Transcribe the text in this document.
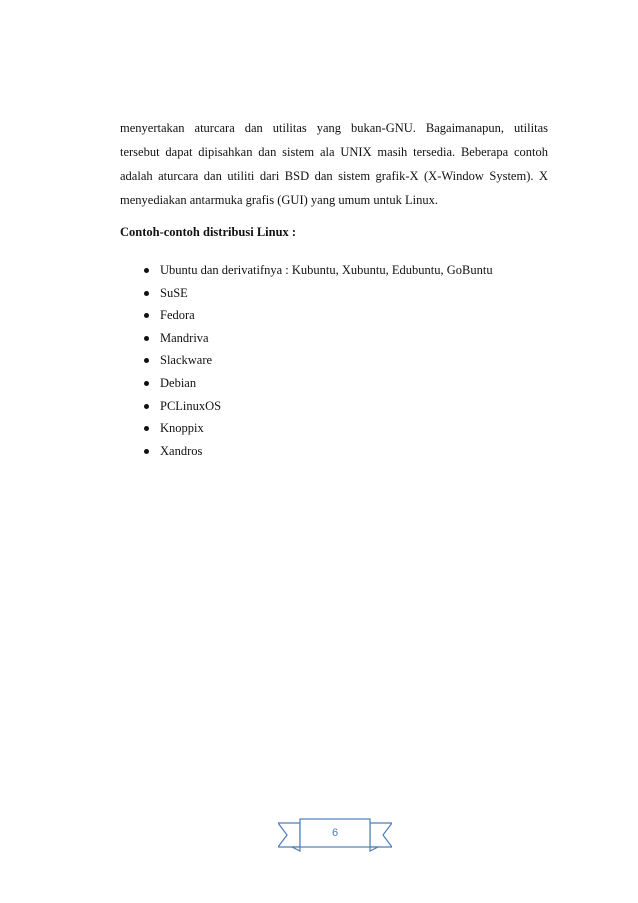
menyertakan aturcara dan utilitas yang bukan-GNU. Bagaimanapun, utilitas
tersebut dapat dipisahkan dan sistem ala UNIX masih tersedia. Beberapa contoh
adalah aturcara dan utiliti dari BSD dan sistem grafik-X (X-Window System). X
menyediakan antarmuka grafis (GUI) yang umum untuk Linux.

Contoh-contoh distribusi Linux :

Ubuntu dan derivatifnya : Kubuntu, Xubuntu, Edubuntu, GoBuntu
SuSE
Fedora
Mandriva
Slackware
Debian
PCLinuxOS
Knoppix
Xandros
6
